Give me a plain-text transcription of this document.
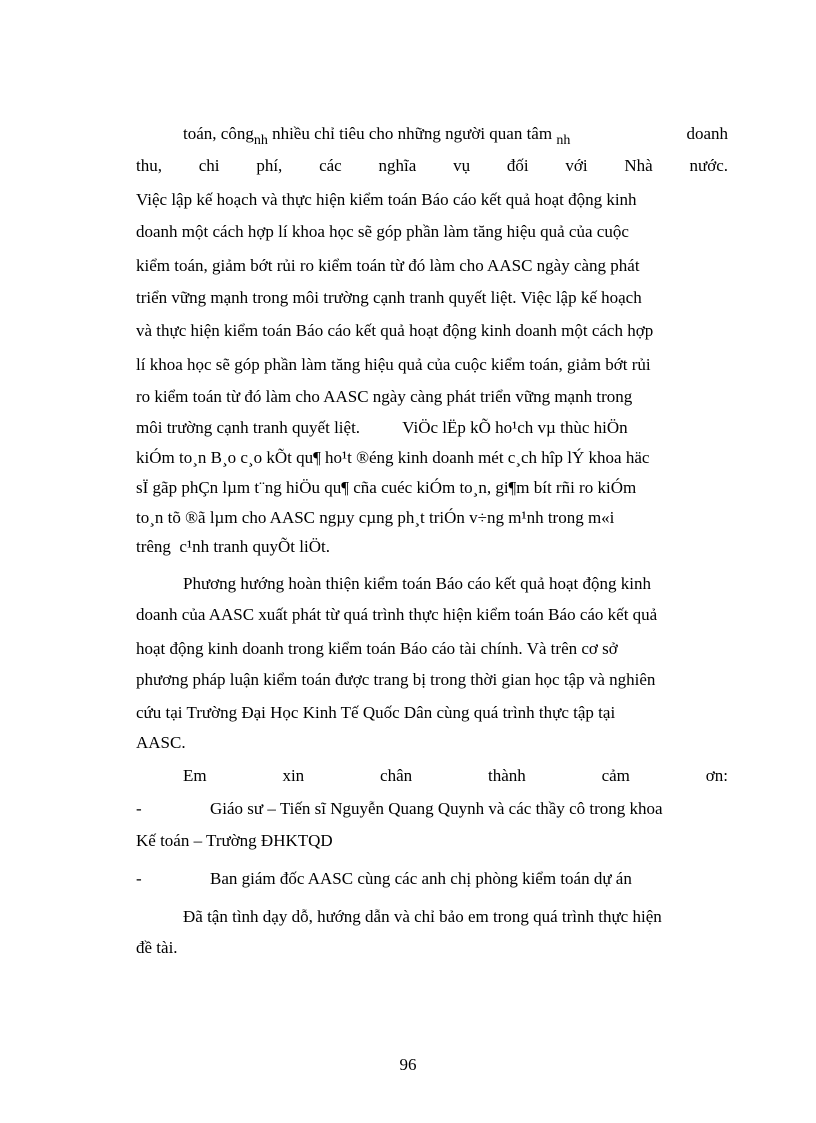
toán, công$_{nh}$ nhiều chỉ tiêu cho những người quan tâm $_{nh}$	doanh
thu, chi phí, các nghĩa vụ đối với Nhà nước.
Việc lập kế hoạch và thực hiện kiểm toán Báo cáo kết quả hoạt động kinh
doanh một cách hợp lí khoa học sẽ góp phần làm tăng hiệu quả của cuộc
kiểm toán, giảm bớt rủi ro kiểm toán từ đó làm cho AASC ngày càng phát
triển vững mạnh trong môi trường cạnh tranh quyết liệt. Việc lập kế hoạch
và thực hiện kiểm toán Báo cáo kết quả hoạt động kinh doanh một cách hợp
lí khoa học sẽ góp phần làm tăng hiệu quả của cuộc kiểm toán, giảm bớt rủi
ro kiểm toán từ đó làm cho AASC ngày càng phát triển vững mạnh trong
môi trường cạnh tranh quyết liệt.          ViÖc lËp kÕ ho¹ch vµ thùc hiÖn
kiÓm to¸n B¸o c¸o kÕt qu¶ ho¹t ®éng kinh doanh mét c¸ch hîp lÝ khoa häc
sÏ gãp phÇn lµm t¨ng hiÖu qu¶ cña cuéc kiÓm to¸n, gi¶m bít rñi ro kiÓm
to¸n tõ ®ã lµm cho AASC ngµy cµng ph¸t triÓn v÷ng m¹nh trong m«i
trêng  c¹nh tranh quyÕt liÖt.
Phương hướng hoàn thiện kiểm toán Báo cáo kết quả hoạt động kinh
doanh của AASC xuất phát từ quá trình thực hiện kiểm toán Báo cáo kết quả
hoạt động kinh doanh trong kiểm toán Báo cáo tài chính. Và trên cơ sở
phương pháp luận kiểm toán được trang bị trong thời gian học tập và nghiên
cứu tại Trường Đại Học Kinh Tế Quốc Dân cùng quá trình thực tập tại
AASC.
Em	xin	chân	thành	cảm	ơn:
-	Giáo sư – Tiến sĩ Nguyễn Quang Quynh và các thầy cô trong khoa
Kế toán – Trường ĐHKTQD
-	Ban giám đốc AASC cùng các anh chị phòng kiểm toán dự án
Đã tận tình dạy dỗ, hướng dẫn và chỉ bảo em trong quá trình thực hiện
đề tài.
96
